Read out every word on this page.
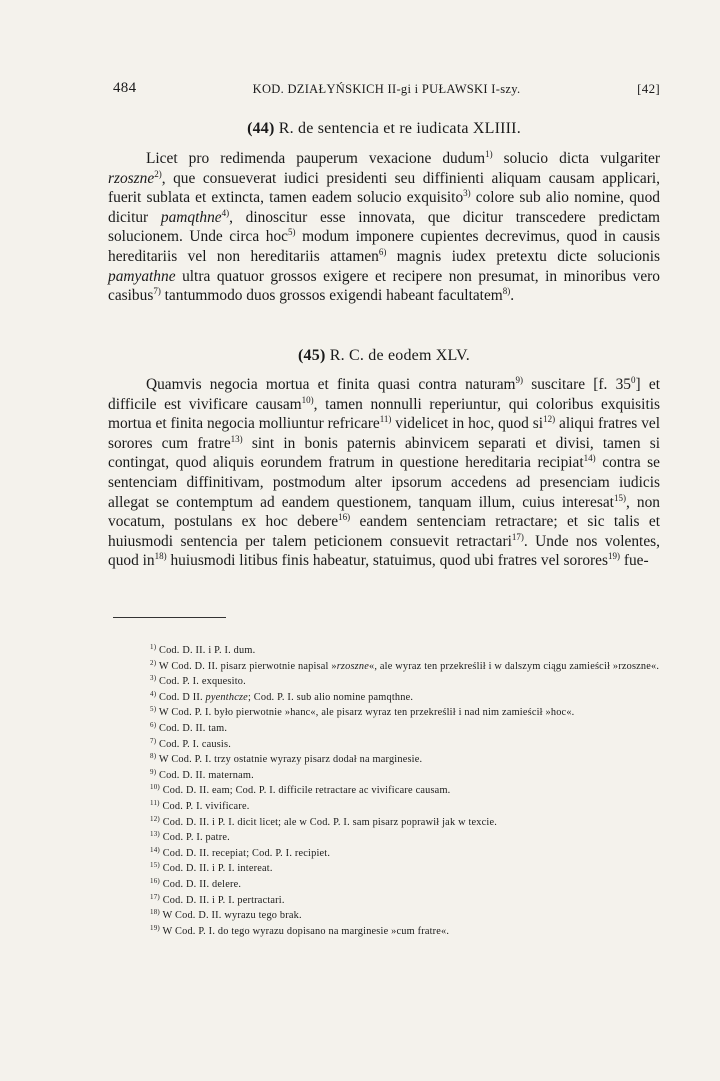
484	KOD. DZIAŁYŃSKICH II-gi i PUŁAWSKI I-szy.	[42]
(44) R. de sentencia et re iudicata XLIIII.
Licet pro redimenda pauperum vexacione dudum$^{1)}$ solucio dicta vulgariter rzoszne$^{2)}$, que consueverat iudici presidenti seu diffinienti aliquam causam applicari, fuerit sublata et extincta, tamen eadem solucio exquisito$^{3)}$ colore sub alio nomine, quod dicitur pamqthne$^{4)}$, dinoscitur esse innovata, que dicitur transcedere predictam solucionem. Unde circa hoc$^{5)}$ modum imponere cupientes decrevimus, quod in causis hereditariis vel non hereditariis attamen$^{6)}$ magnis iudex pretextu dicte solucionis pamyathne ultra quatuor grossos exigere et recipere non presumat, in minoribus vero casibus$^{7)}$ tantummodo duos grossos exigendi habeant facultatem$^{8)}$.
(45) R. C. de eodem XLV.
Quamvis negocia mortua et finita quasi contra naturam$^{9)}$ suscitare [f. $35^0$] et difficile est vivificare causam$^{10)}$, tamen nonnulli reperiuntur, qui coloribus exquisitis mortua et finita negocia molliuntur refricare$^{11)}$ videlicet in hoc, quod $si^{12)}$ aliqui fratres vel sorores cum fratre$^{13)}$ sint in bonis paternis abinvicem separati et divisi, tamen si contingat, quod aliquis eorundem fratrum in questione hereditaria recipiat$^{14)}$ contra se sentenciam diffinitivam, postmodum alter ipsorum accedens ad presenciam iudicis allegat se contemptum ad eandem questionem, tanquam illum, cuius interesat$^{15)}$, non vocatum, postulans ex hoc debere$^{16)}$ eandem sentenciam retractare; et sic talis et huiusmodi sentencia per talem peticionem consuevit retractari$^{17)}$. Unde nos volentes, quod $in^{18)}$ huiusmodi litibus finis habeatur, statuimus, quod ubi fratres vel sorores$^{19)}$ fue-
$^{1)}$ Cod. D. II. i P. I. dum.
$^{2)}$ W Cod. D. II. pisarz pierwotnie napisal »rzoszne«, ale wyraz ten przekreślił i w dalszym ciągu zamieścił »rzoszne«.
$^{3)}$ Cod. P. I. exquesito.
$^{4)}$ Cod. D II. pyenthcze; Cod. P. I. sub alio nomine pamqthne.
$^{5)}$ W Cod. P. I. było pierwotnie »hanc«, ale pisarz wyraz ten przekreślił i nad nim zamieścił »hoc«.
$^{6)}$ Cod. D. II. tam.
$^{7)}$ Cod. P. I. causis.
$^{8)}$ W Cod. P. I. trzy ostatnie wyrazy pisarz dodał na marginesie.
$^{9)}$ Cod. D. II. maternam.
$^{10)}$ Cod. D. II. eam; Cod. P. I. difficile retractare ac vivificare causam.
$^{11)}$ Cod. P. I. vivificare.
$^{12)}$ Cod. D. II. i P. I. dicit licet; ale w Cod. P. I. sam pisarz poprawił jak w texcie.
$^{13)}$ Cod. P. I. patre.
$^{14)}$ Cod. D. II. recepiat; Cod. P. I. recipiet.
$^{15)}$ Cod. D. II. i P. I. intereat.
$^{16)}$ Cod. D. II. delere.
$^{17)}$ Cod. D. II. i P. I. pertractari.
$^{18)}$ W Cod. D. II. wyrazu tego brak.
$^{19)}$ W Cod. P. I. do tego wyrazu dopisano na marginesie »cum fratre«.
